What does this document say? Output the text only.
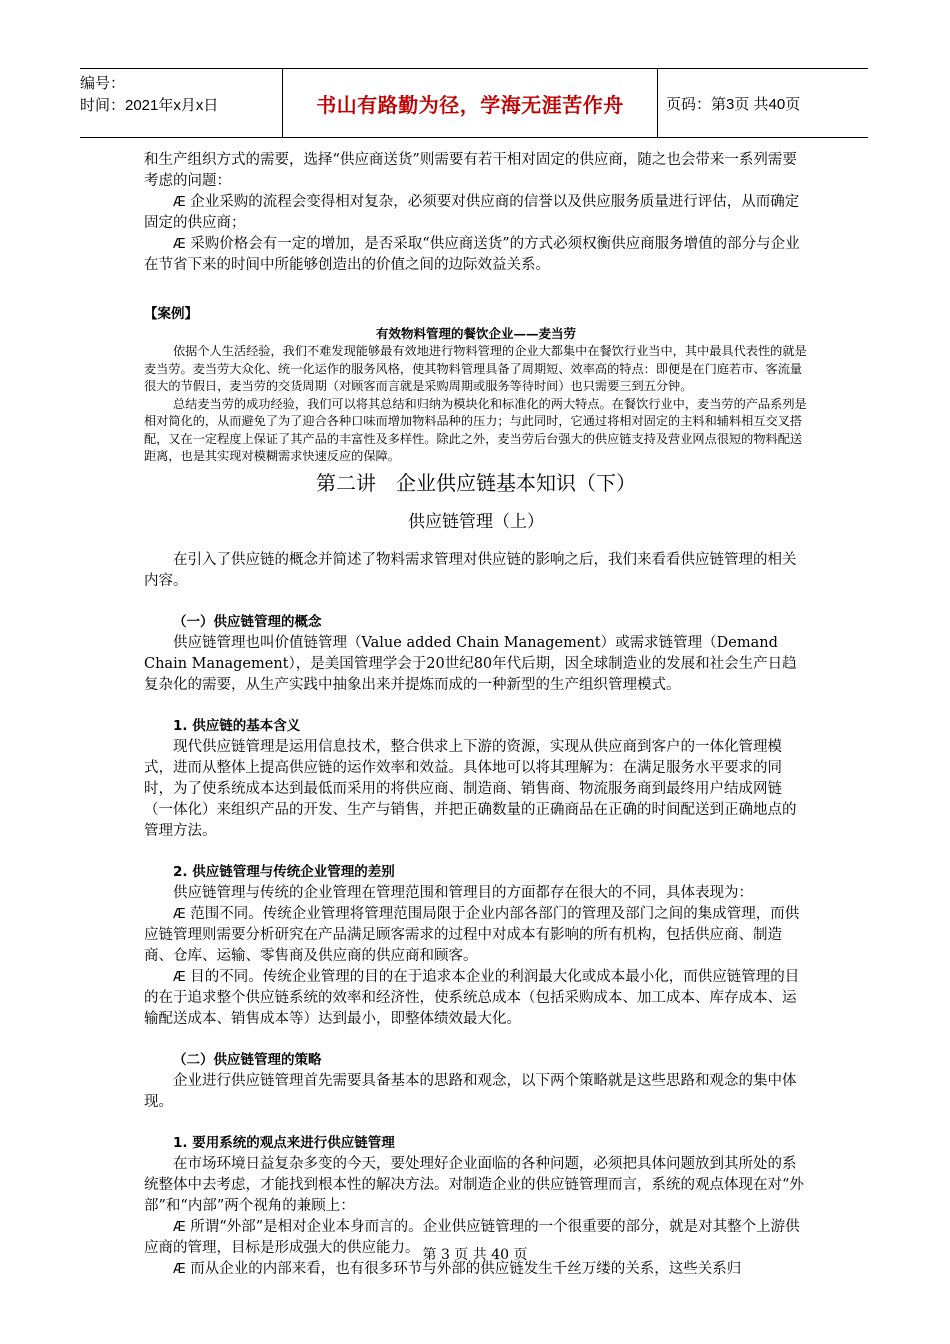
编号：
时间：2021年x月x日	书山有路勤为径，学海无涯苦作舟	页码：第3页 共40页

和生产组织方式的需要，选择“供应商送货”则需要有若干相对固定的供应商，随之也会带来一系列需要考虑的问题：

Æ 企业采购的流程会变得相对复杂，必须要对供应商的信誉以及供应服务质量进行评估，从而确定固定的供应商；

Æ 采购价格会有一定的增加，是否采取“供应商送货”的方式必须权衡供应商服务增值的部分与企业在节省下来的时间中所能够创造出的价值之间的边际效益关系。

【案例】

有效物料管理的餐饮企业——麦当劳

依据个人生活经验，我们不难发现能够最有效地进行物料管理的企业大都集中在餐饮行业当中，其中最具代表性的就是麦当劳。麦当劳大众化、统一化运作的服务风格，使其物料管理具备了周期短、效率高的特点：即便是在门庭若市、客流量很大的节假日，麦当劳的交货周期（对顾客而言就是采购周期或服务等待时间）也只需要三到五分钟。

总结麦当劳的成功经验，我们可以将其总结和归纳为模块化和标准化的两大特点。在餐饮行业中，麦当劳的产品系列是相对简化的，从而避免了为了迎合各种口味而增加物料品种的压力；与此同时，它通过将相对固定的主料和辅料相互交叉搭配，又在一定程度上保证了其产品的丰富性及多样性。除此之外，麦当劳后台强大的供应链支持及营业网点很短的物料配送距离，也是其实现对模糊需求快速反应的保障。

第二讲　企业供应链基本知识（下）

供应链管理（上）

在引入了供应链的概念并简述了物料需求管理对供应链的影响之后，我们来看看供应链管理的相关内容。

（一）供应链管理的概念

供应链管理也叫价值链管理（Value added Chain Management）或需求链管理（Demand Chain Management），是美国管理学会于20世纪80年代后期，因全球制造业的发展和社会生产日趋复杂化的需要，从生产实践中抽象出来并提炼而成的一种新型的生产组织管理模式。

1. 供应链的基本含义

现代供应链管理是运用信息技术，整合供求上下游的资源，实现从供应商到客户的一体化管理模式，进而从整体上提高供应链的运作效率和效益。具体地可以将其理解为：在满足服务水平要求的同时，为了使系统成本达到最低而采用的将供应商、制造商、销售商、物流服务商到最终用户结成网链（一体化）来组织产品的开发、生产与销售，并把正确数量的正确商品在正确的时间配送到正确地点的管理方法。

2. 供应链管理与传统企业管理的差别

供应链管理与传统的企业管理在管理范围和管理目的方面都存在很大的不同，具体表现为：

Æ 范围不同。传统企业管理将管理范围局限于企业内部各部门的管理及部门之间的集成管理，而供应链管理则需要分析研究在产品满足顾客需求的过程中对成本有影响的所有机构，包括供应商、制造商、仓库、运输、零售商及供应商的供应商和顾客。

Æ 目的不同。传统企业管理的目的在于追求本企业的利润最大化或成本最小化，而供应链管理的目的在于追求整个供应链系统的效率和经济性，使系统总成本（包括采购成本、加工成本、库存成本、运输配送成本、销售成本等）达到最小，即整体绩效最大化。

（二）供应链管理的策略

企业进行供应链管理首先需要具备基本的思路和观念，以下两个策略就是这些思路和观念的集中体现。

1. 要用系统的观点来进行供应链管理

在市场环境日益复杂多变的今天，要处理好企业面临的各种问题，必须把具体问题放到其所处的系统整体中去考虑，才能找到根本性的解决方法。对制造企业的供应链管理而言，系统的观点体现在对“外部”和“内部”两个视角的兼顾上：

Æ 所谓“外部”是相对企业本身而言的。企业供应链管理的一个很重要的部分，就是对其整个上游供应商的管理，目标是形成强大的供应能力。

Æ 而从企业的内部来看，也有很多环节与外部的供应链发生千丝万缕的关系，这些关系归

第 3 页 共 40 页
